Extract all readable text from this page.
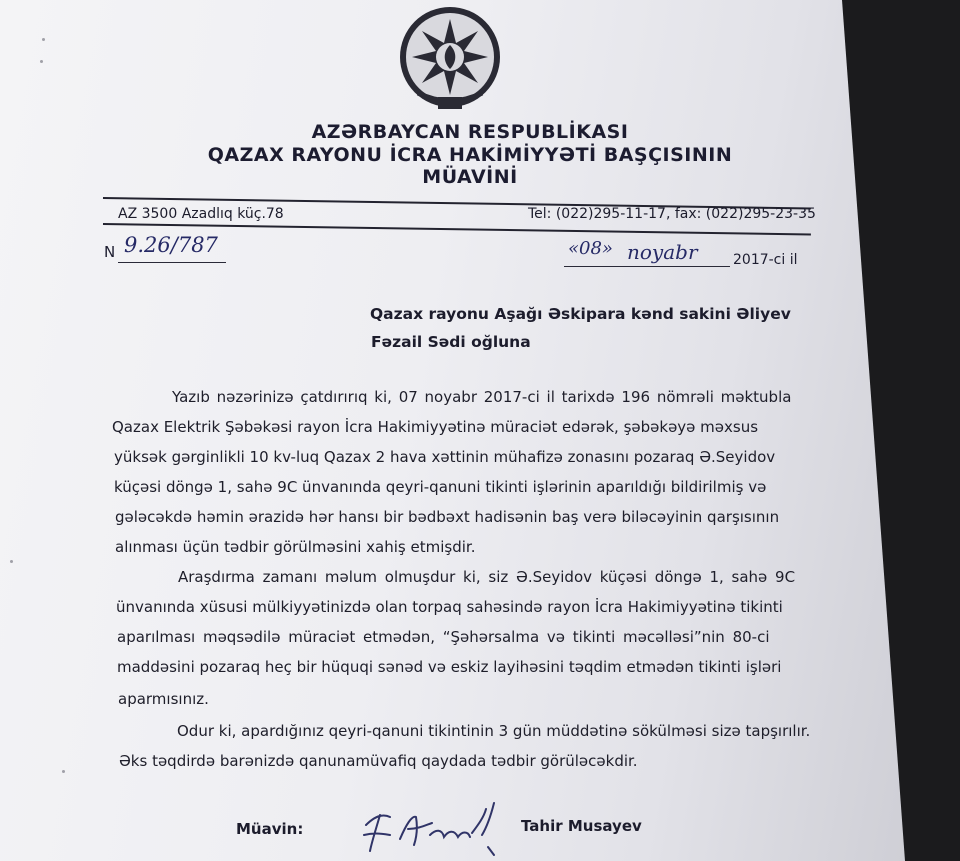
AZƏRBAYCAN RESPUBLİKASI
QAZAX RAYONU İCRA HAKİMİYYƏTİ BAŞÇISININ
MÜAVİNİ
AZ 3500 Azadlıq küç.78	Tel: (022)295-11-17, fax: (022)295-23-35
N 9.26/787	«08» noyabr	2017-ci il
Qazax rayonu Aşağı Əskipara kənd sakini Əliyev
Fəzail Sədi oğluna
Yazıb nəzərinizə çatdırırıq ki, 07 noyabr 2017-ci il tarixdə 196 nömrəli məktubla
Qazax Elektrik Şəbəkəsi rayon İcra Hakimiyyətinə müraciət edərək, şəbəkəyə məxsus
yüksək gərginlikli 10 kv-luq Qazax 2 hava xəttinin mühafizə zonasını pozaraq Ə.Seyidov
küçəsi döngə 1, sahə 9C ünvanında qeyri-qanuni tikinti işlərinin aparıldığı bildirilmiş və
gələcəkdə həmin ərazidə hər hansı bir bədbəxt hadisənin baş verə biləcəyinin qarşısının
alınması üçün tədbir görülməsini xahiş etmişdir.
Araşdırma zamanı məlum olmuşdur ki, siz Ə.Seyidov küçəsi döngə 1, sahə 9C
ünvanında xüsusi mülkiyyətinizdə olan torpaq sahəsində rayon İcra Hakimiyyətinə tikinti
aparılması məqsədilə müraciət etmədən, “Şəhərsalma və tikinti məcəlləsi”nin 80-ci
maddəsini pozaraq heç bir hüquqi sənəd və eskiz layihəsini təqdim etmədən tikinti işləri
aparmısınız.
Odur ki, apardığınız qeyri-qanuni tikintinin 3 gün müddətinə sökülməsi sizə tapşırılır.
Əks təqdirdə barənizdə qanunamüvafiq qaydada tədbir görüləcəkdir.
Müavin:	Tahir Musayev
